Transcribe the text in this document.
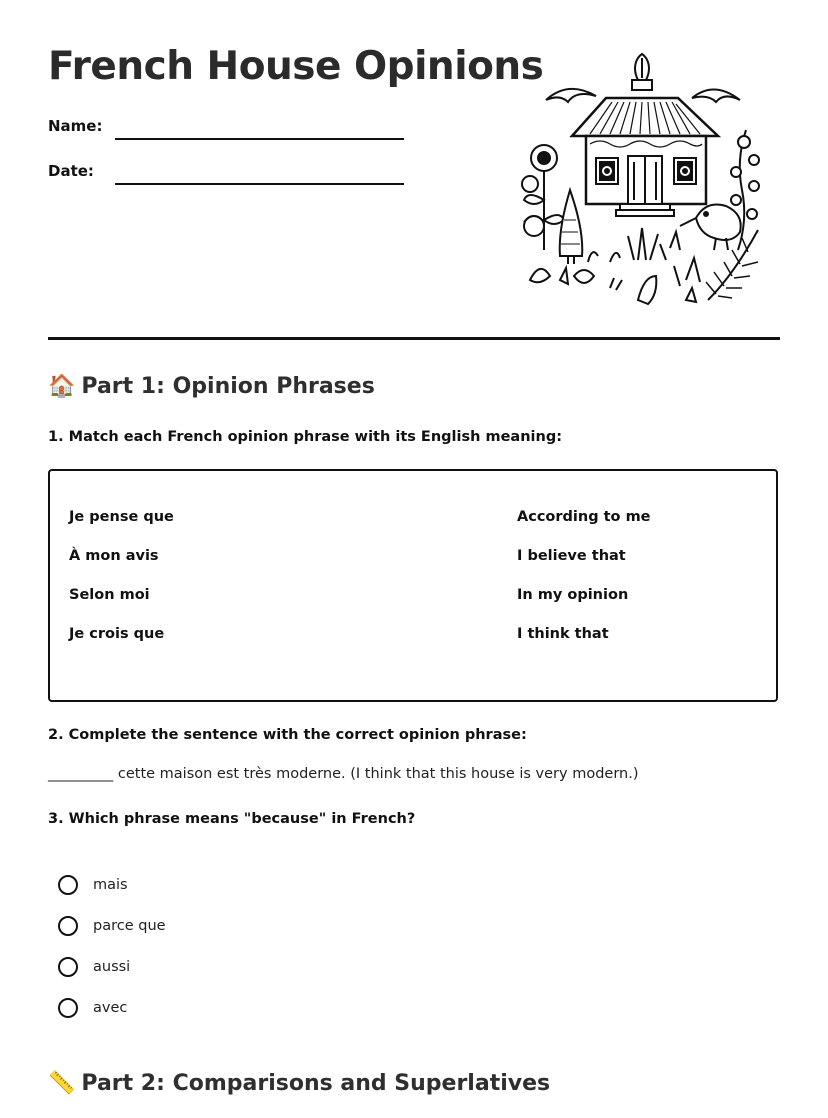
French House Opinions
Name:
Date:
🏠 Part 1: Opinion Phrases
1. Match each French opinion phrase with its English meaning:
Je pense que
À mon avis
Selon moi
Je crois que
According to me
I believe that
In my opinion
I think that
2. Complete the sentence with the correct opinion phrase:
_________ cette maison est très moderne. (I think that this house is very modern.)
3. Which phrase means "because" in French?
mais
parce que
aussi
avec
📏 Part 2: Comparisons and Superlatives
